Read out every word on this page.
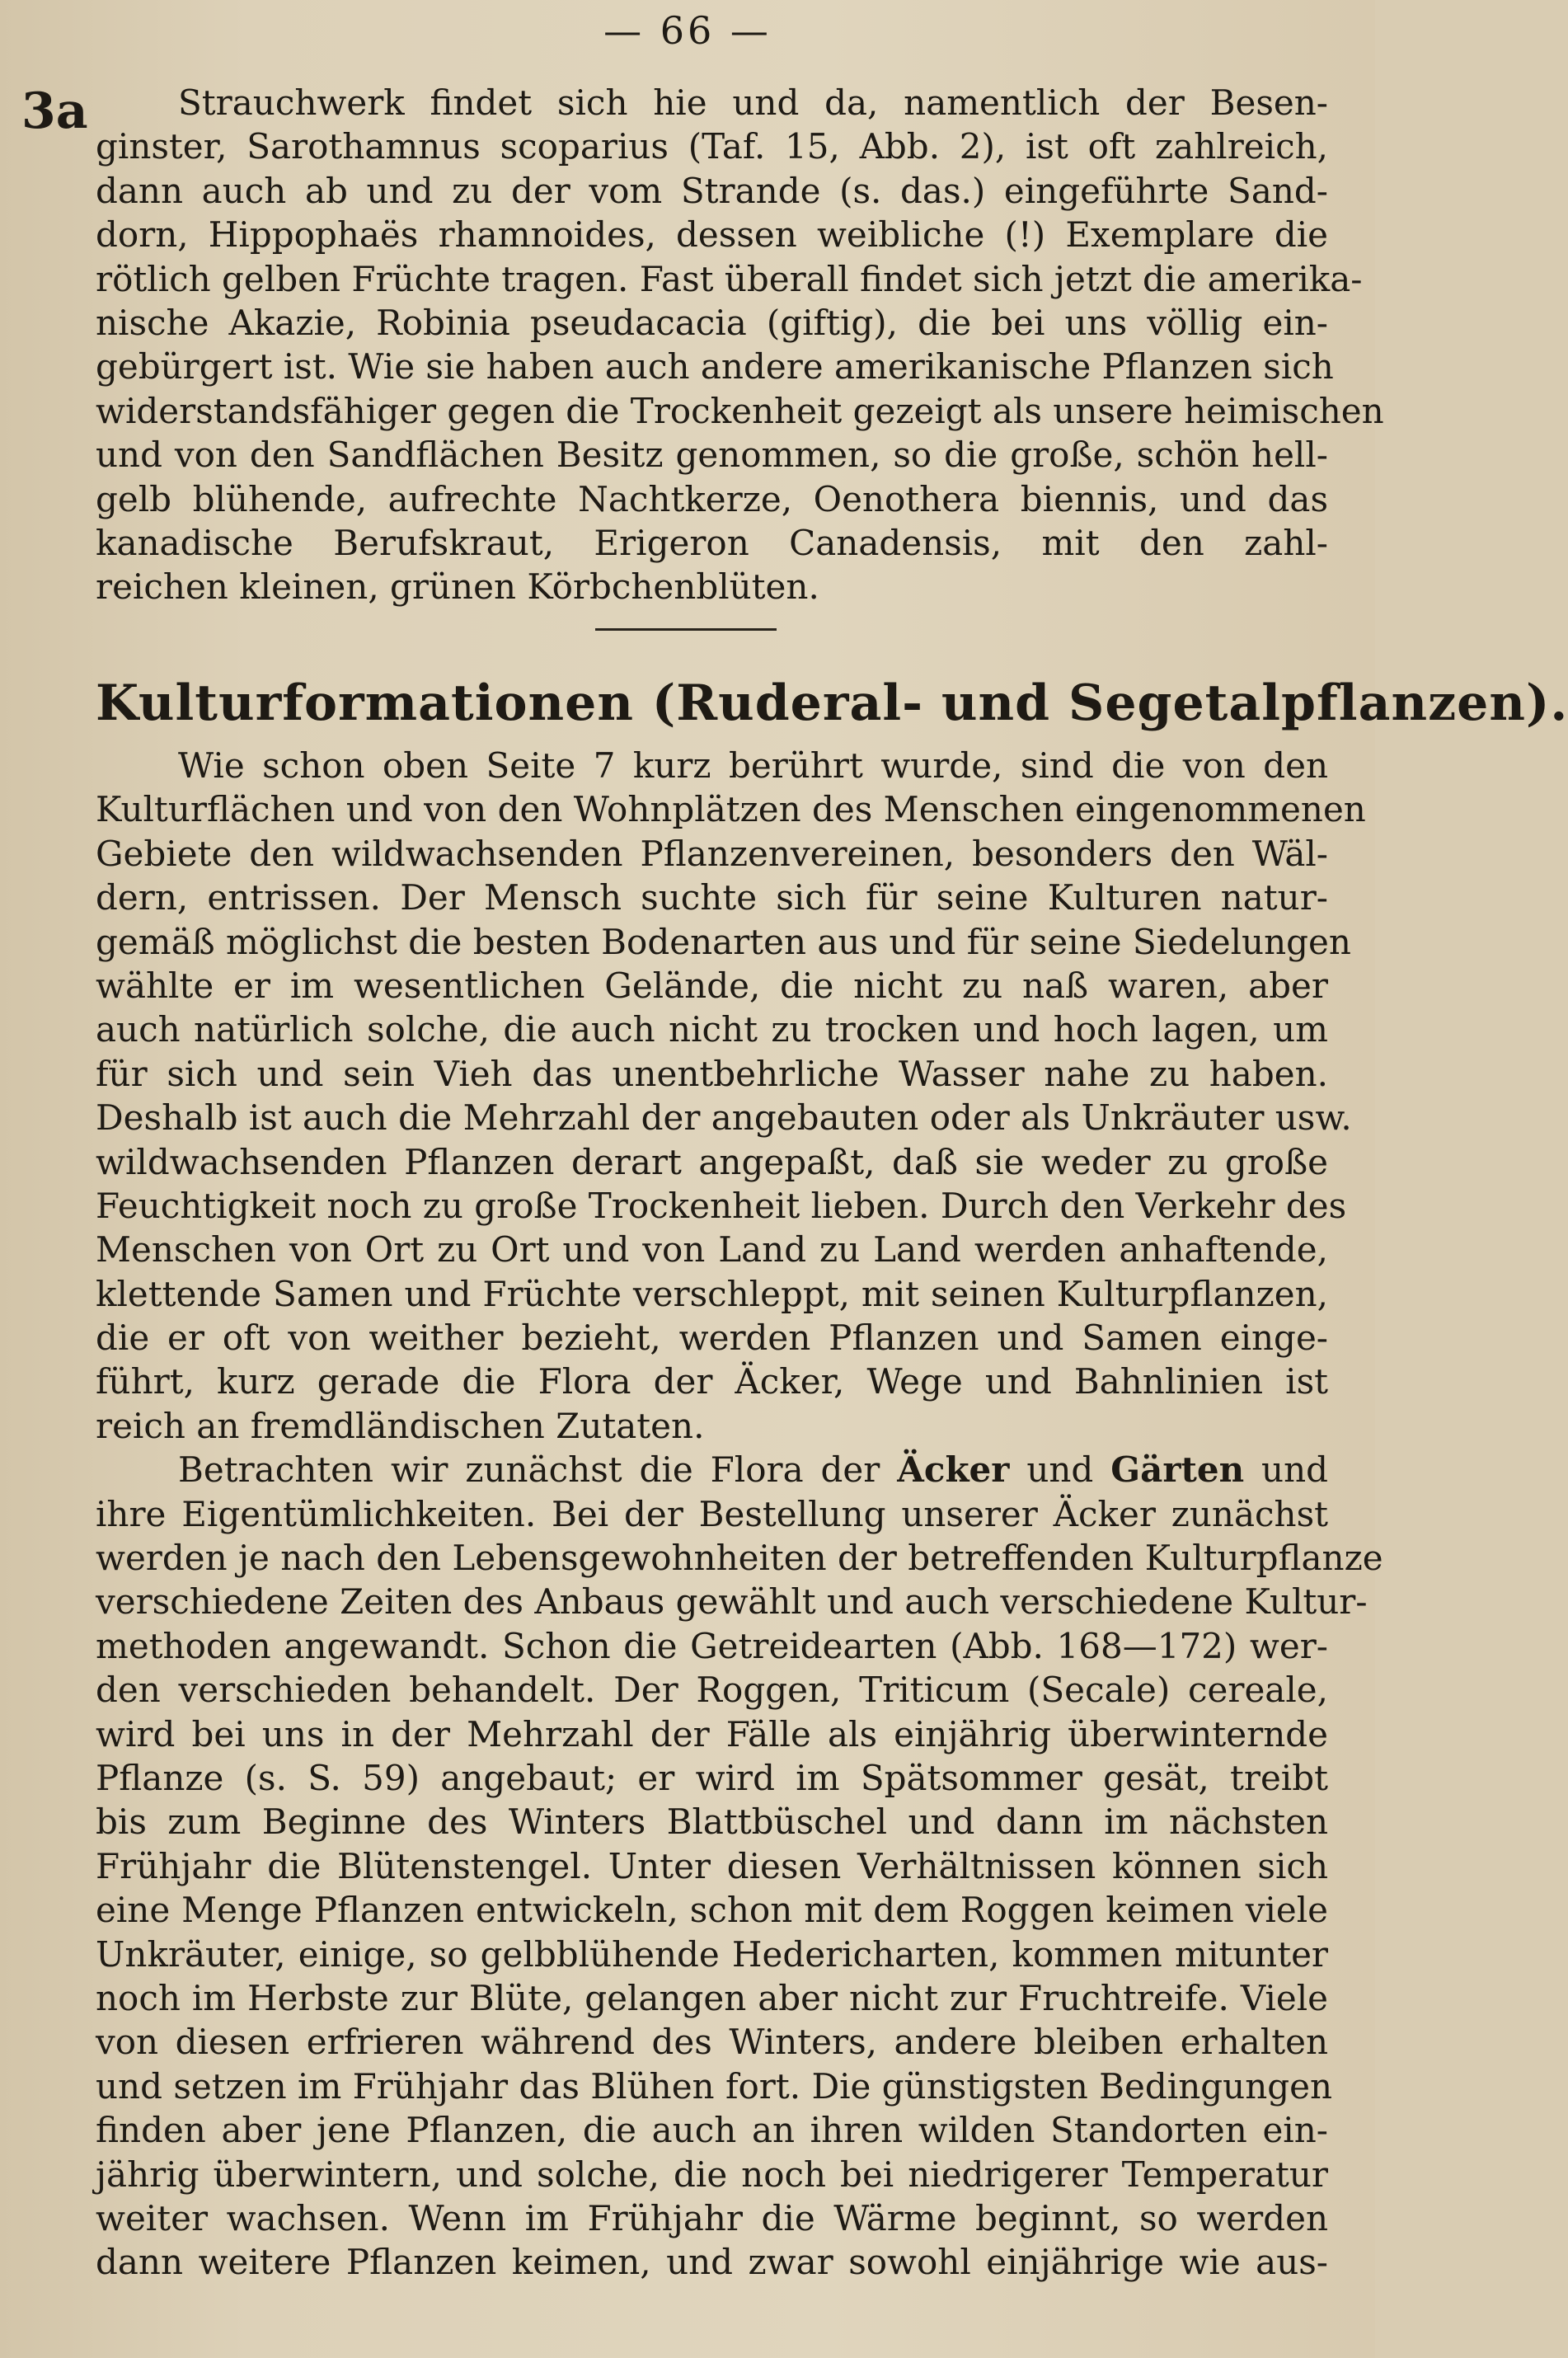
— 66 —
3a	Strauchwerk findet sich hie und da, namentlich der Besen-
ginster, Sarothamnus scoparius (Taf. 15, Abb. 2), ist oft zahlreich,
dann auch ab und zu der vom Strande (s. das.) eingeführte Sand-
dorn, Hippophaës rhamnoides, dessen weibliche (!) Exemplare die
rötlich gelben Früchte tragen. Fast überall findet sich jetzt die amerika-
nische Akazie, Robinia pseudacacia (giftig), die bei uns völlig ein-
gebürgert ist. Wie sie haben auch andere amerikanische Pflanzen sich
widerstandsfähiger gegen die Trockenheit gezeigt als unsere heimischen
und von den Sandflächen Besitz genommen, so die große, schön hell-
gelb blühende, aufrechte Nachtkerze, Oenothera biennis, und das
kanadische Berufskraut, Erigeron Canadensis, mit den zahl-
reichen kleinen, grünen Körbchenblüten.
Kulturformationen (Ruderal- und Segetalpflanzen).
Wie schon oben Seite 7 kurz berührt wurde, sind die von den
Kulturflächen und von den Wohnplätzen des Menschen eingenommenen
Gebiete den wildwachsenden Pflanzenvereinen, besonders den Wäl-
dern, entrissen. Der Mensch suchte sich für seine Kulturen natur-
gemäß möglichst die besten Bodenarten aus und für seine Siedelungen
wählte er im wesentlichen Gelände, die nicht zu naß waren, aber
auch natürlich solche, die auch nicht zu trocken und hoch lagen, um
für sich und sein Vieh das unentbehrliche Wasser nahe zu haben.
Deshalb ist auch die Mehrzahl der angebauten oder als Unkräuter usw.
wildwachsenden Pflanzen derart angepaßt, daß sie weder zu große
Feuchtigkeit noch zu große Trockenheit lieben. Durch den Verkehr des
Menschen von Ort zu Ort und von Land zu Land werden anhaftende,
klettende Samen und Früchte verschleppt, mit seinen Kulturpflanzen,
die er oft von weither bezieht, werden Pflanzen und Samen einge-
führt, kurz gerade die Flora der Äcker, Wege und Bahnlinien ist
reich an fremdländischen Zutaten.
Betrachten wir zunächst die Flora der Äcker und Gärten und
ihre Eigentümlichkeiten. Bei der Bestellung unserer Äcker zunächst
werden je nach den Lebensgewohnheiten der betreffenden Kulturpflanze
verschiedene Zeiten des Anbaus gewählt und auch verschiedene Kultur-
methoden angewandt. Schon die Getreidearten (Abb. 168—172) wer-
den verschieden behandelt. Der Roggen, Triticum (Secale) cereale,
wird bei uns in der Mehrzahl der Fälle als einjährig überwinternde
Pflanze (s. S. 59) angebaut; er wird im Spätsommer gesät, treibt
bis zum Beginne des Winters Blattbüschel und dann im nächsten
Frühjahr die Blütenstengel. Unter diesen Verhältnissen können sich
eine Menge Pflanzen entwickeln, schon mit dem Roggen keimen viele
Unkräuter, einige, so gelbblühende Hedericharten, kommen mitunter
noch im Herbste zur Blüte, gelangen aber nicht zur Fruchtreife. Viele
von diesen erfrieren während des Winters, andere bleiben erhalten
und setzen im Frühjahr das Blühen fort. Die günstigsten Bedingungen
finden aber jene Pflanzen, die auch an ihren wilden Standorten ein-
jährig überwintern, und solche, die noch bei niedrigerer Temperatur
weiter wachsen. Wenn im Frühjahr die Wärme beginnt, so werden
dann weitere Pflanzen keimen, und zwar sowohl einjährige wie aus-
